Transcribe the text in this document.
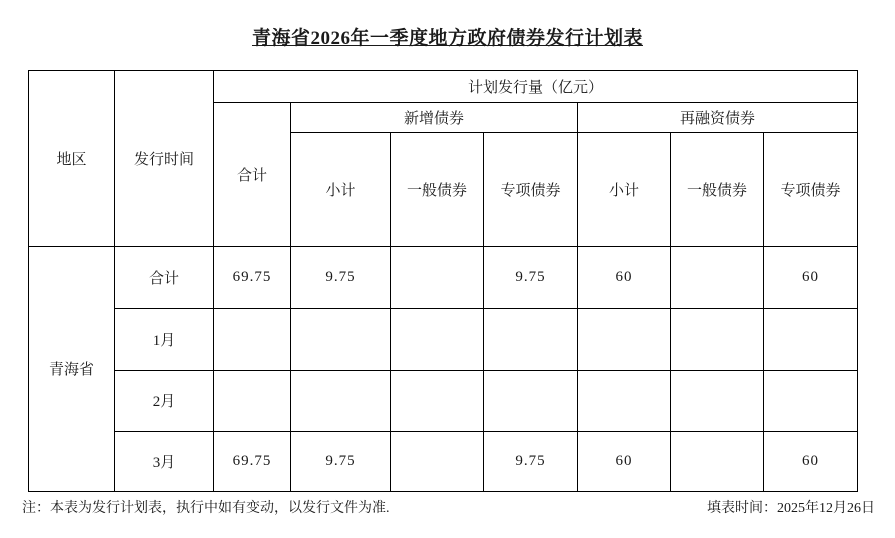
青海省2026年一季度地方政府债券发行计划表
地区	发行时间	计划发行量（亿元）						
		合计	新增债券			再融资债券		
			小计	一般债券	专项债券	小计	一般债券	专项债券
青海省	合计	69.75	9.75		9.75	60		60
	1月							
	2月							
	3月	69.75	9.75		9.75	60		60
注：本表为发行计划表，执行中如有变动，以发行文件为准.	填表时间：2025年12月26日
